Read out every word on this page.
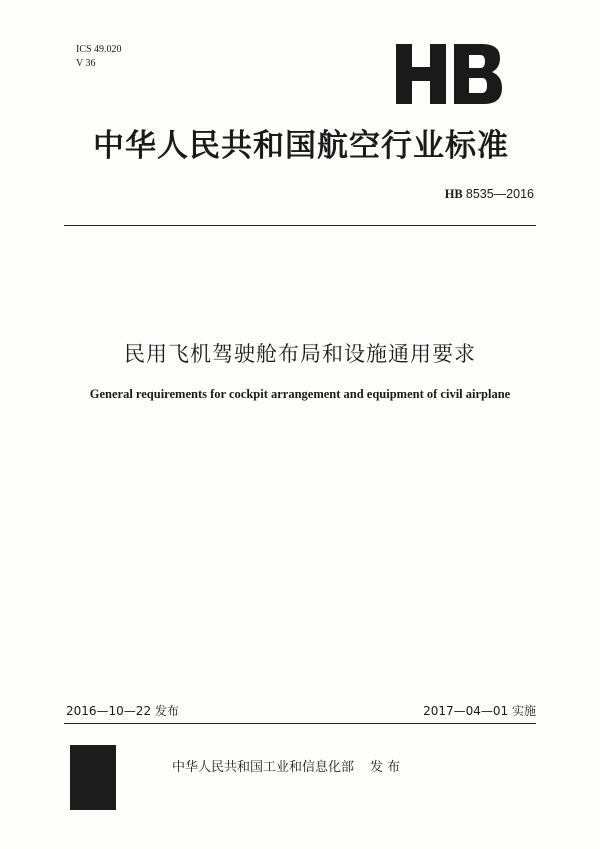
ICS 49.020
V 36
中华人民共和国航空行业标准
HB 8535—2016
民用飞机驾驶舱布局和设施通用要求
General requirements for cockpit arrangement and equipment of civil airplane
2016—10—22 发布	2017—04—01 实施
中华人民共和国工业和信息化部 发 布
